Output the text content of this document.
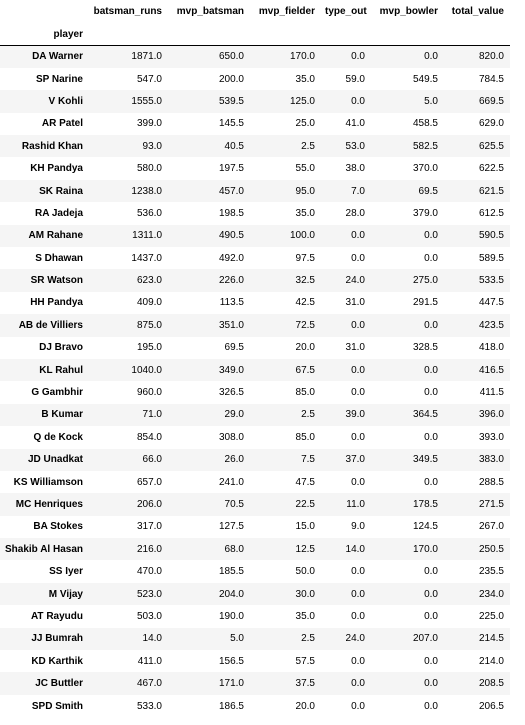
	batsman_runs	mvp_batsman	mvp_fielder	type_out	mvp_bowler	total_value
player						
DA Warner	1871.0	650.0	170.0	0.0	0.0	820.0
SP Narine	547.0	200.0	35.0	59.0	549.5	784.5
V Kohli	1555.0	539.5	125.0	0.0	5.0	669.5
AR Patel	399.0	145.5	25.0	41.0	458.5	629.0
Rashid Khan	93.0	40.5	2.5	53.0	582.5	625.5
KH Pandya	580.0	197.5	55.0	38.0	370.0	622.5
SK Raina	1238.0	457.0	95.0	7.0	69.5	621.5
RA Jadeja	536.0	198.5	35.0	28.0	379.0	612.5
AM Rahane	1311.0	490.5	100.0	0.0	0.0	590.5
S Dhawan	1437.0	492.0	97.5	0.0	0.0	589.5
SR Watson	623.0	226.0	32.5	24.0	275.0	533.5
HH Pandya	409.0	113.5	42.5	31.0	291.5	447.5
AB de Villiers	875.0	351.0	72.5	0.0	0.0	423.5
DJ Bravo	195.0	69.5	20.0	31.0	328.5	418.0
KL Rahul	1040.0	349.0	67.5	0.0	0.0	416.5
G Gambhir	960.0	326.5	85.0	0.0	0.0	411.5
B Kumar	71.0	29.0	2.5	39.0	364.5	396.0
Q de Kock	854.0	308.0	85.0	0.0	0.0	393.0
JD Unadkat	66.0	26.0	7.5	37.0	349.5	383.0
KS Williamson	657.0	241.0	47.5	0.0	0.0	288.5
MC Henriques	206.0	70.5	22.5	11.0	178.5	271.5
BA Stokes	317.0	127.5	15.0	9.0	124.5	267.0
Shakib Al Hasan	216.0	68.0	12.5	14.0	170.0	250.5
SS Iyer	470.0	185.5	50.0	0.0	0.0	235.5
M Vijay	523.0	204.0	30.0	0.0	0.0	234.0
AT Rayudu	503.0	190.0	35.0	0.0	0.0	225.0
JJ Bumrah	14.0	5.0	2.5	24.0	207.0	214.5
KD Karthik	411.0	156.5	57.5	0.0	0.0	214.0
JC Buttler	467.0	171.0	37.5	0.0	0.0	208.5
SPD Smith	533.0	186.5	20.0	0.0	0.0	206.5
